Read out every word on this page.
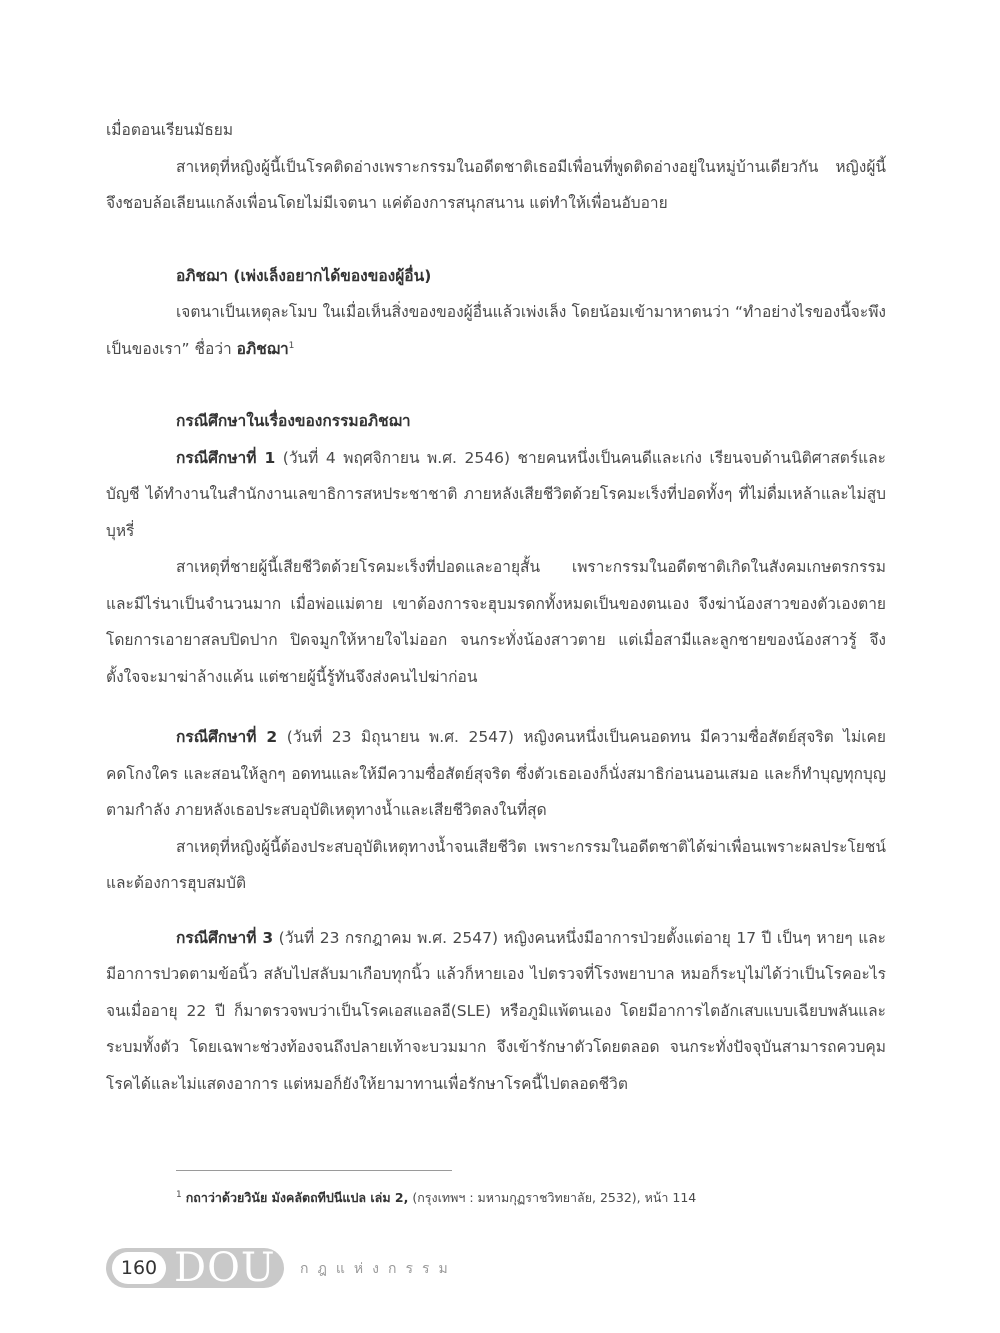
เมื่อตอนเรียนมัธยม

สาเหตุที่หญิงผู้นี้เป็นโรคติดอ่างเพราะกรรมในอดีตชาติเธอมีเพื่อนที่พูดติดอ่างอยู่ในหมู่บ้านเดียวกัน หญิงผู้นี้จึงชอบล้อเลียนแกล้งเพื่อนโดยไม่มีเจตนา แค่ต้องการสนุกสนาน แต่ทำให้เพื่อนอับอาย

อภิชฌา (เพ่งเล็งอยากได้ของของผู้อื่น)

เจตนาเป็นเหตุละโมบ ในเมื่อเห็นสิ่งของของผู้อื่นแล้วเพ่งเล็ง โดยน้อมเข้ามาหาตนว่า “ทำอย่างไรของนี้จะพึงเป็นของเรา” ชื่อว่า อภิชฌา$^1$

กรณีศึกษาในเรื่องของกรรมอภิชฌา

กรณีศึกษาที่ 1 (วันที่ 4 พฤศจิกายน พ.ศ. 2546) ชายคนหนึ่งเป็นคนดีและเก่ง เรียนจบด้านนิติศาสตร์และบัญชี ได้ทำงานในสำนักงานเลขาธิการสหประชาชาติ ภายหลังเสียชีวิตด้วยโรคมะเร็งที่ปอดทั้งๆ ที่ไม่ดื่มเหล้าและไม่สูบบุหรี่

สาเหตุที่ชายผู้นี้เสียชีวิตด้วยโรคมะเร็งที่ปอดและอายุสั้น เพราะกรรมในอดีตชาติเกิดในสังคมเกษตรกรรมและมีไร่นาเป็นจำนวนมาก เมื่อพ่อแม่ตาย เขาต้องการจะฮุบมรดกทั้งหมดเป็นของตนเอง จึงฆ่าน้องสาวของตัวเองตาย โดยการเอายาสลบปิดปาก ปิดจมูกให้หายใจไม่ออก จนกระทั่งน้องสาวตาย แต่เมื่อสามีและลูกชายของน้องสาวรู้ จึงตั้งใจจะมาฆ่าล้างแค้น แต่ชายผู้นี้รู้ทันจึงส่งคนไปฆ่าก่อน

กรณีศึกษาที่ 2 (วันที่ 23 มิถุนายน พ.ศ. 2547) หญิงคนหนึ่งเป็นคนอดทน มีความซื่อสัตย์สุจริต ไม่เคยคดโกงใคร และสอนให้ลูกๆ อดทนและให้มีความซื่อสัตย์สุจริต ซึ่งตัวเธอเองก็นั่งสมาธิก่อนนอนเสมอ และก็ทำบุญทุกบุญตามกำลัง ภายหลังเธอประสบอุบัติเหตุทางน้ำและเสียชีวิตลงในที่สุด

สาเหตุที่หญิงผู้นี้ต้องประสบอุบัติเหตุทางน้ำจนเสียชีวิต เพราะกรรมในอดีตชาติได้ฆ่าเพื่อนเพราะผลประโยชน์และต้องการฮุบสมบัติ

กรณีศึกษาที่ 3 (วันที่ 23 กรกฎาคม พ.ศ. 2547) หญิงคนหนึ่งมีอาการป่วยตั้งแต่อายุ 17 ปี เป็นๆ หายๆ และมีอาการปวดตามข้อนิ้ว สลับไปสลับมาเกือบทุกนิ้ว แล้วก็หายเอง ไปตรวจที่โรงพยาบาล หมอก็ระบุไม่ได้ว่าเป็นโรคอะไร จนเมื่ออายุ 22 ปี ก็มาตรวจพบว่าเป็นโรคเอสแอลอี(SLE) หรือภูมิแพ้ตนเอง โดยมีอาการไตอักเสบแบบเฉียบพลันและระบมทั้งตัว โดยเฉพาะช่วงท้องจนถึงปลายเท้าจะบวมมาก จึงเข้ารักษาตัวโดยตลอด จนกระทั่งปัจจุบันสามารถควบคุมโรคได้และไม่แสดงอาการ แต่หมอก็ยังให้ยามาทานเพื่อรักษาโรคนี้ไปตลอดชีวิต

$^1$ กถาว่าด้วยวินัย มังคลัตถทีปนีแปล เล่ม 2, (กรุงเทพฯ : มหามกุฏราชวิทยาลัย, 2532), หน้า 114
160 DOU กฎแห่งกรรม
